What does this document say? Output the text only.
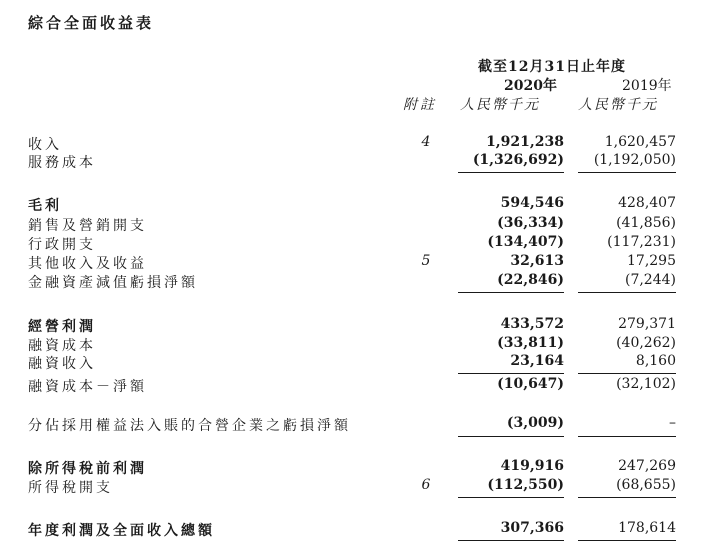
綜合全面收益表
截至12月31日止年度
2020年	2019年
附註 人民幣千元	人民幣千元
收入	4	1,921,238	1,620,457
服務成本	(1,326,692) (1,192,050)
毛利	594,546	428,407
銷售及營銷開支	(36,334)	(41,856)
行政開支	(134,407)	(117,231)
其他收入及收益	5	32,613	17,295
金融資產減值虧損淨額	(22,846)	(7,244)
經營利潤	433,572	279,371
融資成本	(33,811)	(40,262)
融資收入	23,164	8,160
融資成本－淨額	(10,647)	(32,102)
分佔採用權益法入賬的合營企業之虧損淨額	(3,009)	–
除所得稅前利潤	419,916	247,269
所得稅開支	6	(112,550)	(68,655)
年度利潤及全面收入總額	307,366	178,614
